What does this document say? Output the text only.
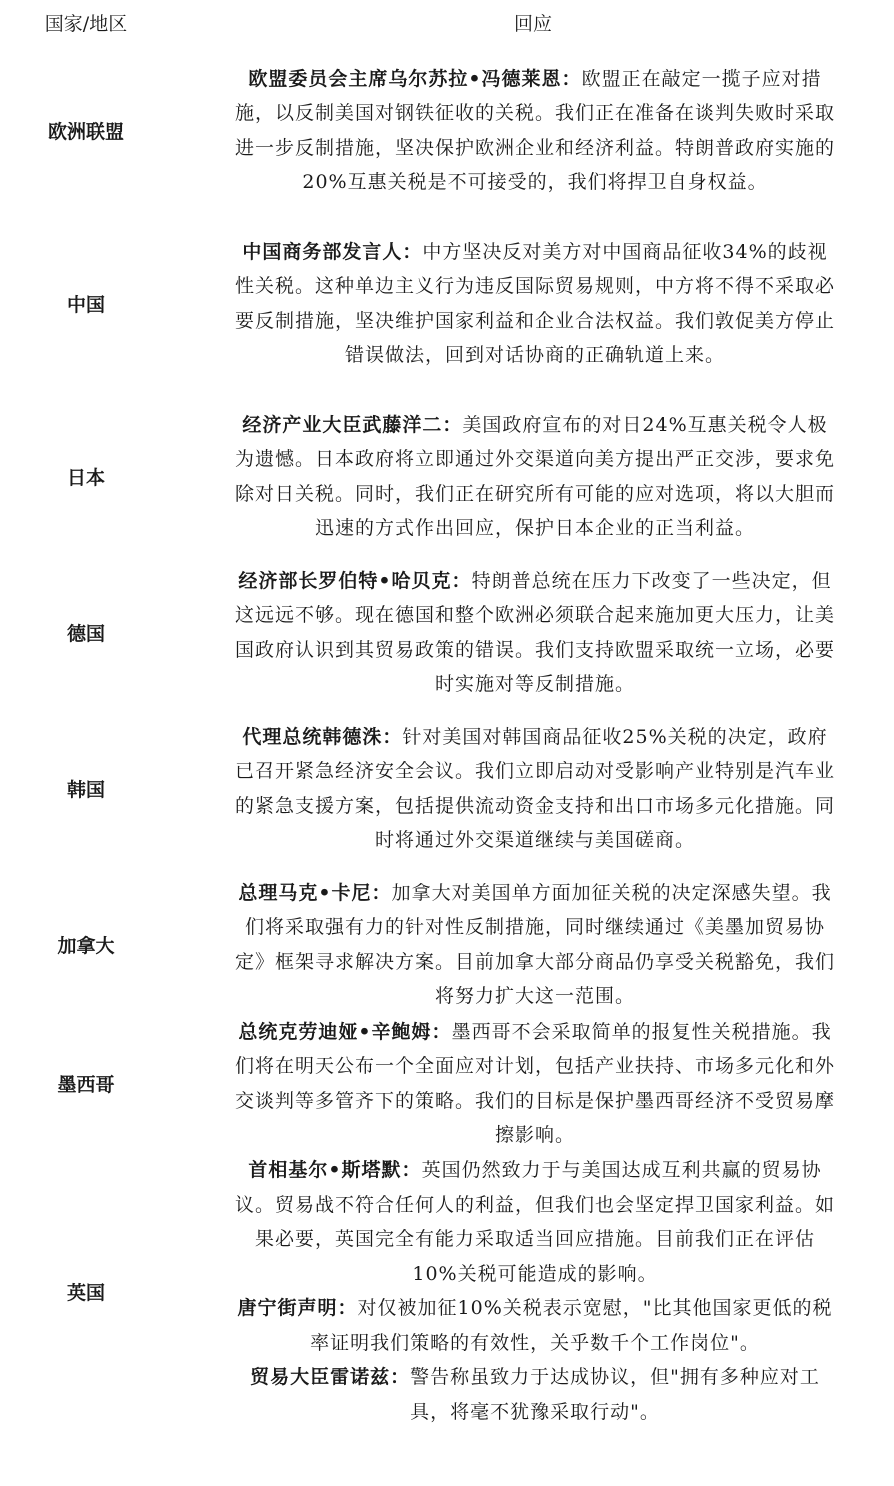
国家/地区	回应
欧洲联盟	欧盟委员会主席乌尔苏拉•冯德莱恩：欧盟正在敲定一揽子应对措施，以反制美国对钢铁征收的关税。我们正在准备在谈判失败时采取进一步反制措施，坚决保护欧洲企业和经济利益。特朗普政府实施的20%互惠关税是不可接受的，我们将捍卫自身权益。

中国	中国商务部发言人：中方坚决反对美方对中国商品征收34%的歧视性关税。这种单边主义行为违反国际贸易规则，中方将不得不采取必要反制措施，坚决维护国家利益和企业合法权益。我们敦促美方停止错误做法，回到对话协商的正确轨道上来。

日本	经济产业大臣武藤洋二：美国政府宣布的对日24%互惠关税令人极为遗憾。日本政府将立即通过外交渠道向美方提出严正交涉，要求免除对日关税。同时，我们正在研究所有可能的应对选项，将以大胆而迅速的方式作出回应，保护日本企业的正当利益。

德国	经济部长罗伯特•哈贝克：特朗普总统在压力下改变了一些决定，但这远远不够。现在德国和整个欧洲必须联合起来施加更大压力，让美国政府认识到其贸易政策的错误。我们支持欧盟采取统一立场，必要时实施对等反制措施。

韩国	代理总统韩德洙：针对美国对韩国商品征收25%关税的决定，政府已召开紧急经济安全会议。我们立即启动对受影响产业特别是汽车业的紧急支援方案，包括提供流动资金支持和出口市场多元化措施。同时将通过外交渠道继续与美国磋商。

加拿大	总理马克•卡尼：加拿大对美国单方面加征关税的决定深感失望。我们将采取强有力的针对性反制措施，同时继续通过《美墨加贸易协定》框架寻求解决方案。目前加拿大部分商品仍享受关税豁免，我们将努力扩大这一范围。

墨西哥	总统克劳迪娅•辛鲍姆：墨西哥不会采取简单的报复性关税措施。我们将在明天公布一个全面应对计划，包括产业扶持、市场多元化和外交谈判等多管齐下的策略。我们的目标是保护墨西哥经济不受贸易摩擦影响。

英国	首相基尔•斯塔默：英国仍然致力于与美国达成互利共赢的贸易协议。贸易战不符合任何人的利益，但我们也会坚定捍卫国家利益。如果必要，英国完全有能力采取适当回应措施。目前我们正在评估10%关税可能造成的影响。
唐宁街声明：对仅被加征10%关税表示宽慰，"比其他国家更低的税率证明我们策略的有效性，关乎数千个工作岗位"。
贸易大臣雷诺兹：警告称虽致力于达成协议，但"拥有多种应对工具，将毫不犹豫采取行动"。
